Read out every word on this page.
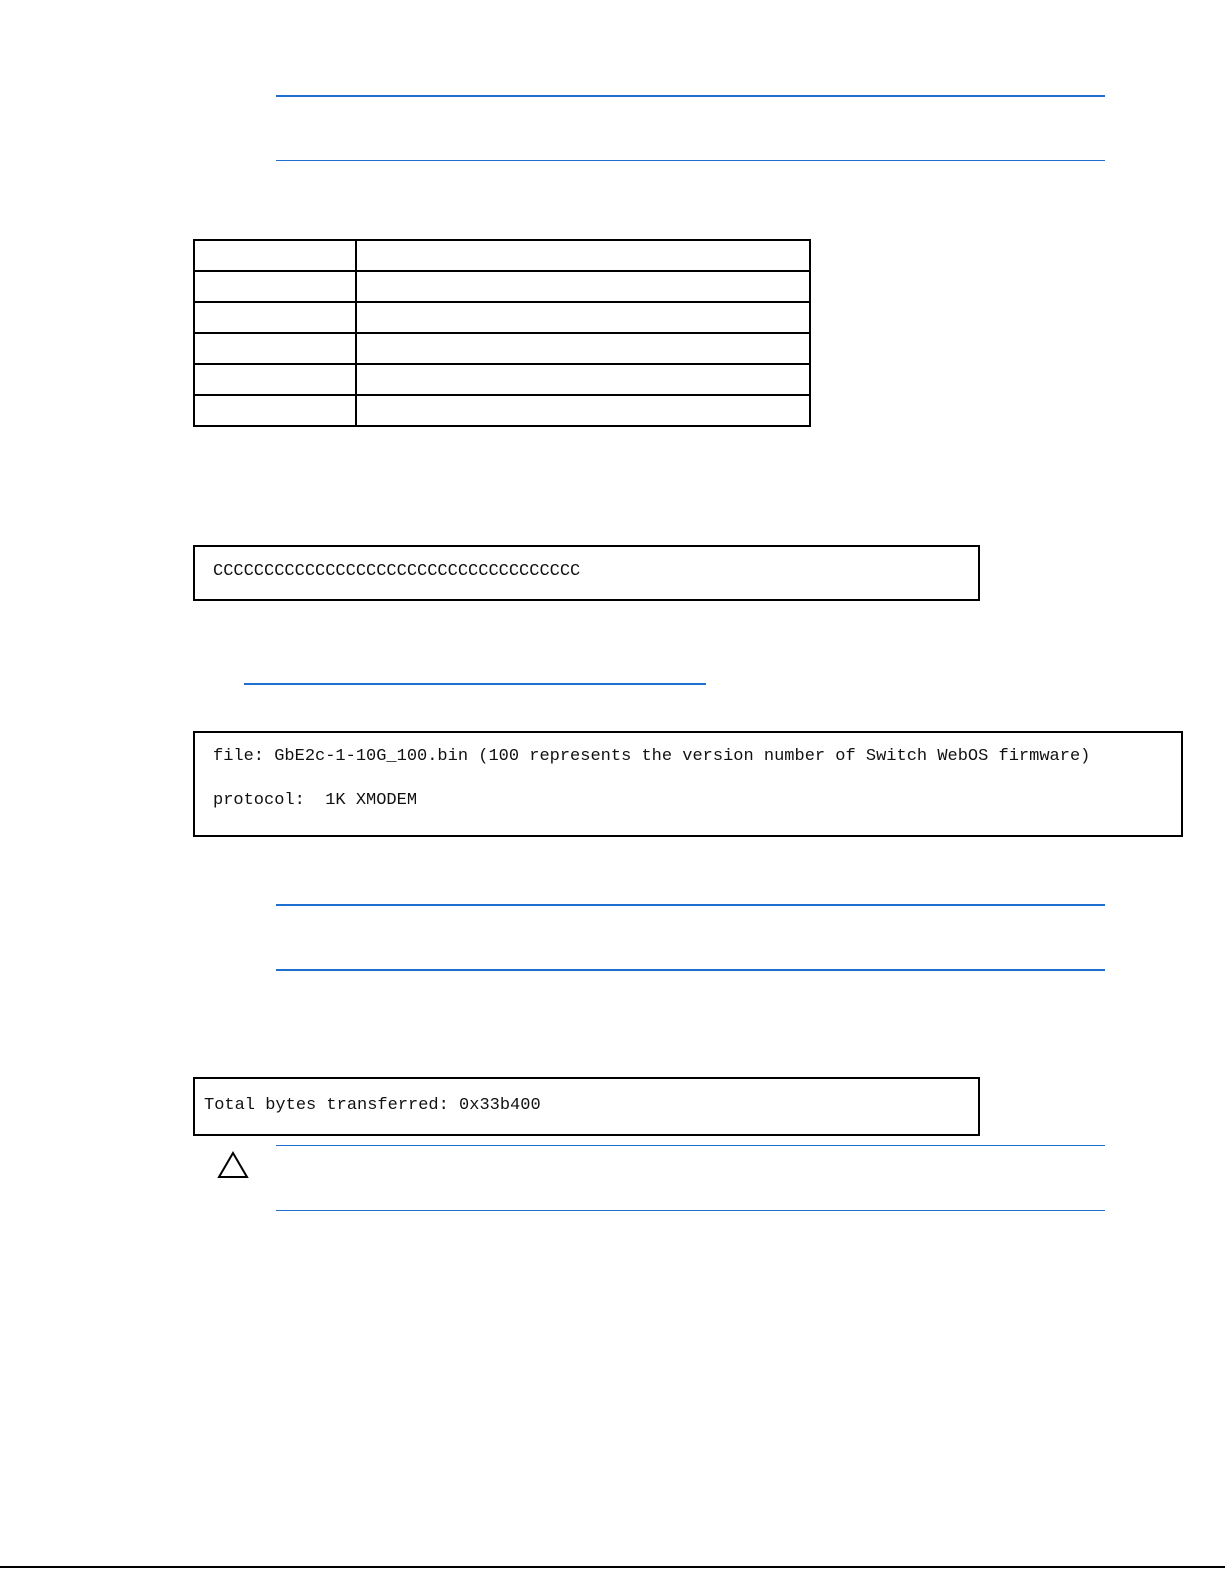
CCCCCCCCCCCCCCCCCCCCCCCCCCCCCCCCCCCC

file: GbE2c-1-10G_100.bin (100 represents the version number of Switch WebOS firmware)

protocol:  1K XMODEM

Total bytes transferred: 0x33b400
